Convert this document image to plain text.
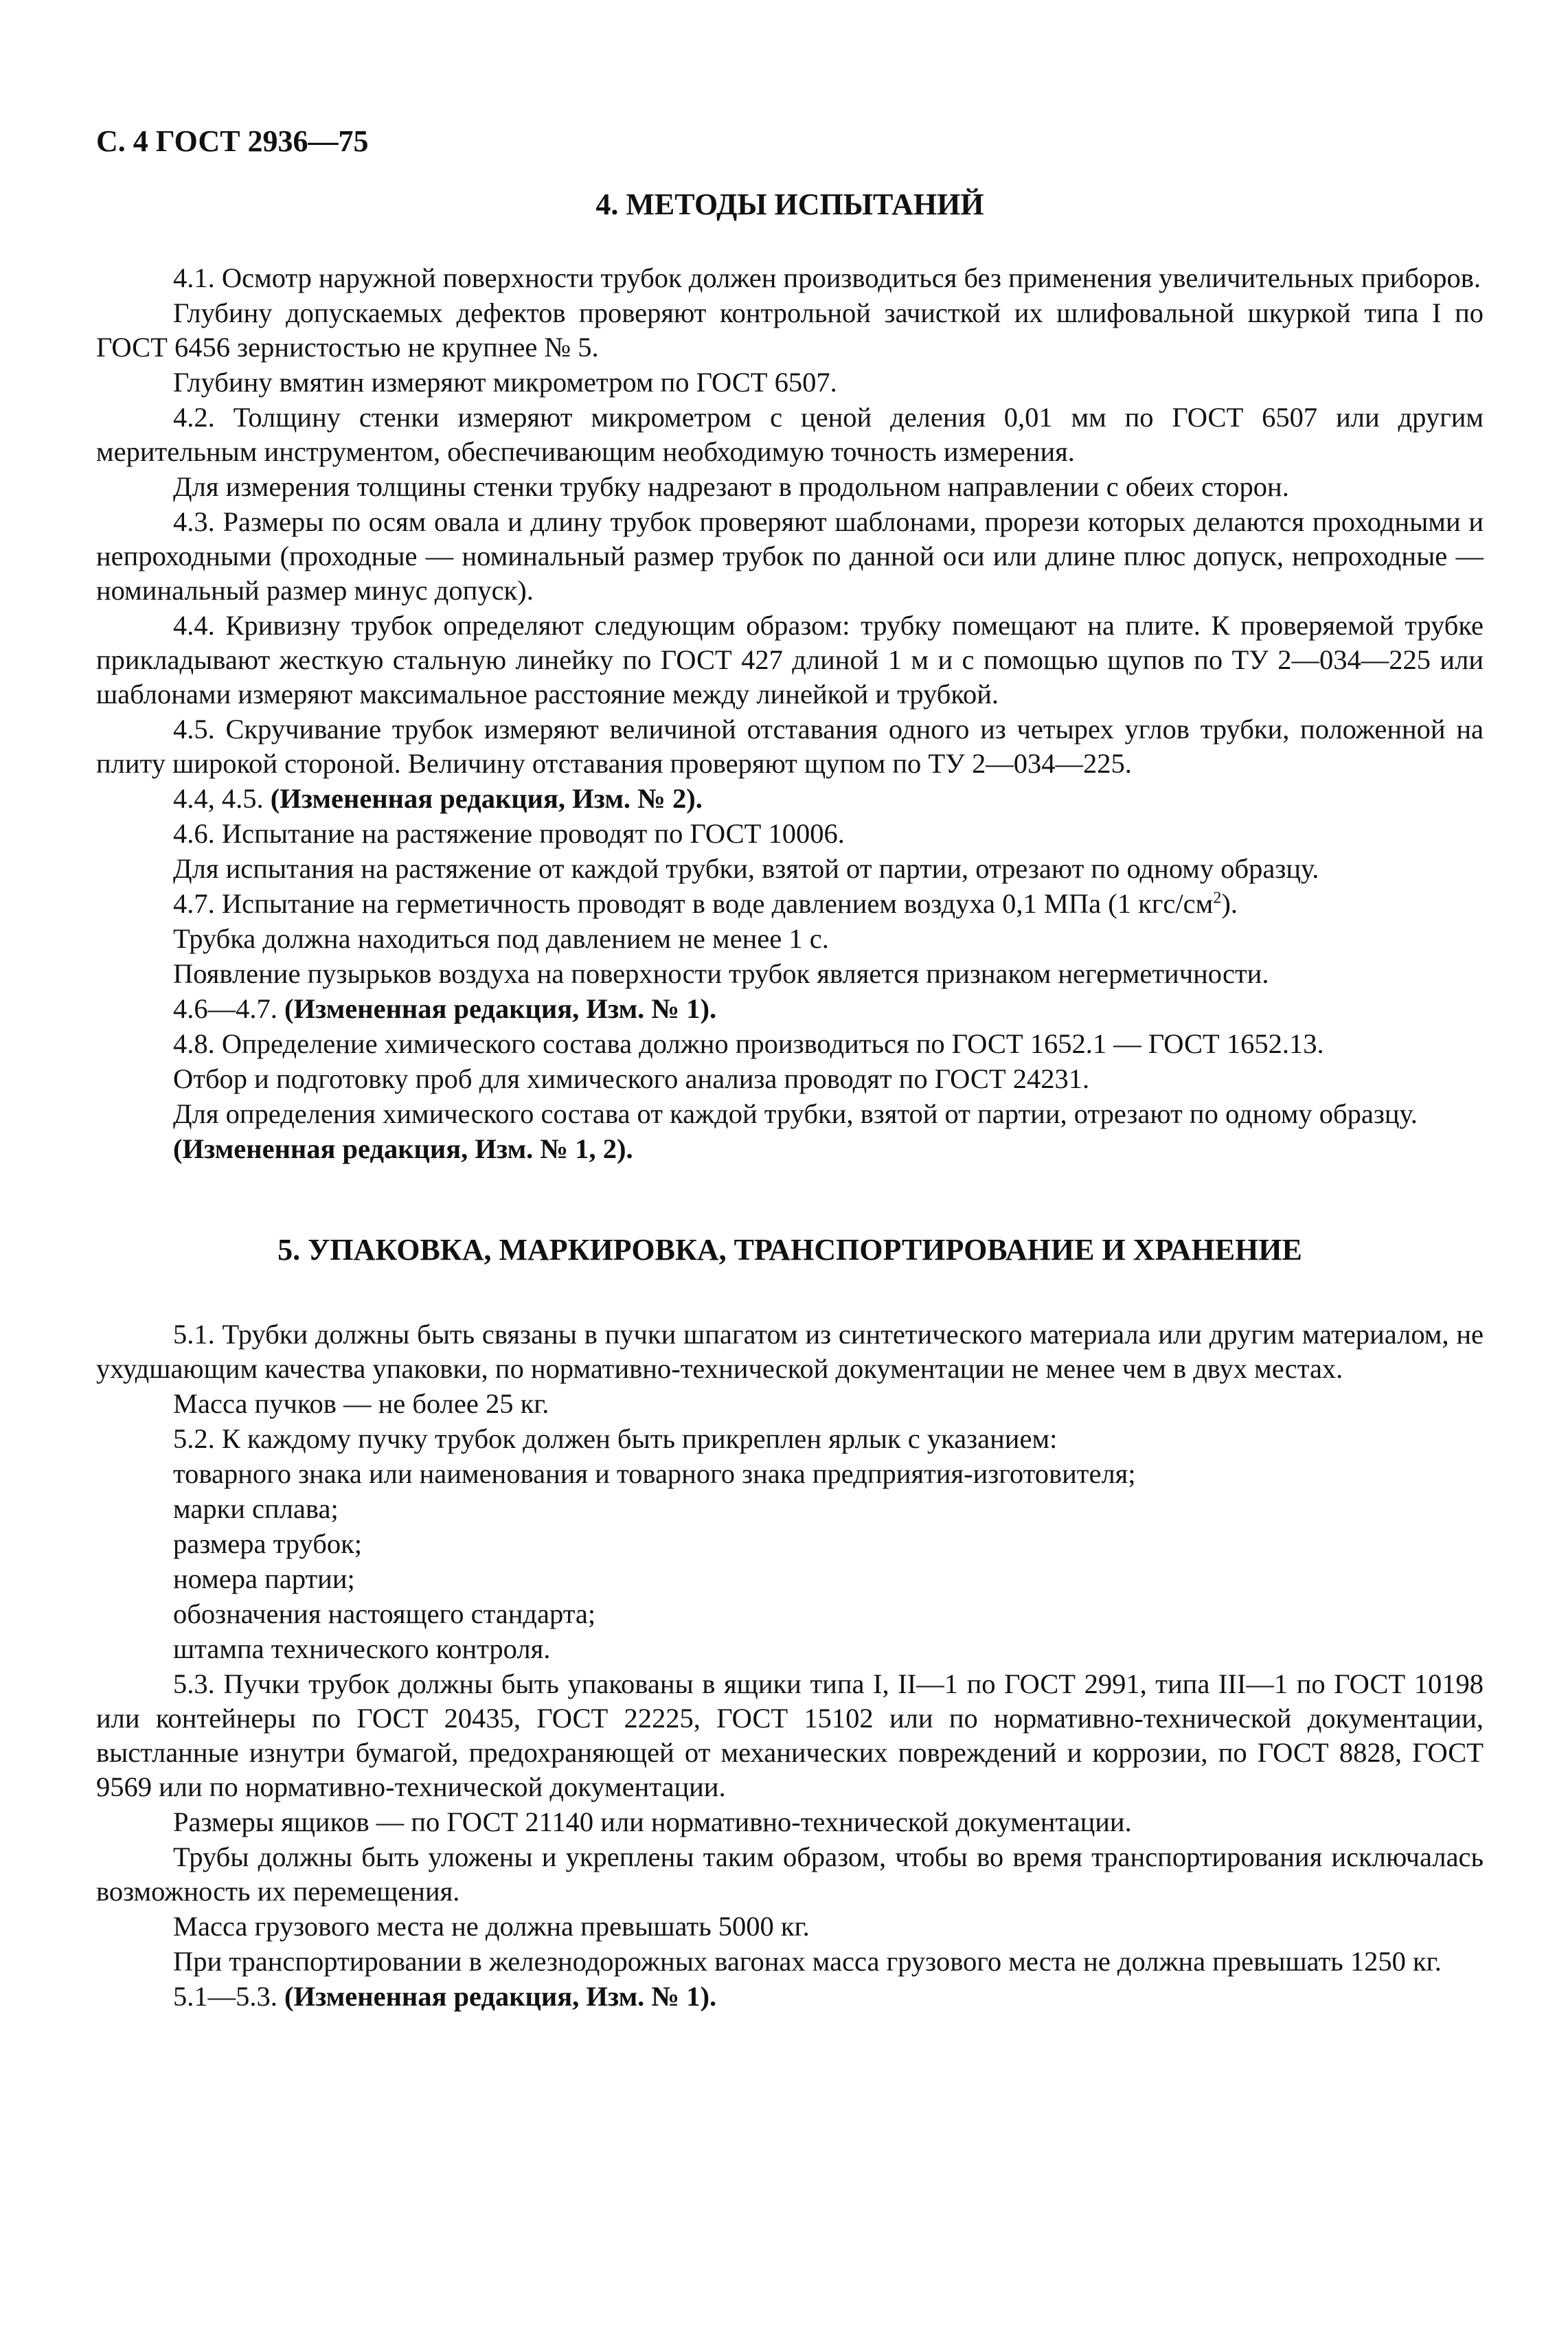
С. 4 ГОСТ 2936—75
4. МЕТОДЫ ИСПЫТАНИЙ

4.1. Осмотр наружной поверхности трубок должен производиться без применения увеличительных приборов.

Глубину допускаемых дефектов проверяют контрольной зачисткой их шлифовальной шкуркой типа I по ГОСТ 6456 зернистостью не крупнее № 5.

Глубину вмятин измеряют микрометром по ГОСТ 6507.

4.2. Толщину стенки измеряют микрометром с ценой деления 0,01 мм по ГОСТ 6507 или другим мерительным инструментом, обеспечивающим необходимую точность измерения.

Для измерения толщины стенки трубку надрезают в продольном направлении с обеих сторон.

4.3. Размеры по осям овала и длину трубок проверяют шаблонами, прорези которых делаются проходными и непроходными (проходные — номинальный размер трубок по данной оси или длине плюс допуск, непроходные — номинальный размер минус допуск).

4.4. Кривизну трубок определяют следующим образом: трубку помещают на плите. К проверяемой трубке прикладывают жесткую стальную линейку по ГОСТ 427 длиной 1 м и с помощью щупов по ТУ 2—034—225 или шаблонами измеряют максимальное расстояние между линейкой и трубкой.

4.5. Скручивание трубок измеряют величиной отставания одного из четырех углов трубки, положенной на плиту широкой стороной. Величину отставания проверяют щупом по ТУ 2—034—225.

4.4, 4.5. (Измененная редакция, Изм. № 2).

4.6. Испытание на растяжение проводят по ГОСТ 10006.

Для испытания на растяжение от каждой трубки, взятой от партии, отрезают по одному образцу.

4.7. Испытание на герметичность проводят в воде давлением воздуха 0,1 МПа (1 кгс/$см^2$).

Трубка должна находиться под давлением не менее 1 с.

Появление пузырьков воздуха на поверхности трубок является признаком негерметичности.

4.6—4.7. (Измененная редакция, Изм. № 1).

4.8. Определение химического состава должно производиться по ГОСТ 1652.1 — ГОСТ 1652.13.

Отбор и подготовку проб для химического анализа проводят по ГОСТ 24231.

Для определения химического состава от каждой трубки, взятой от партии, отрезают по одному образцу.

(Измененная редакция, Изм. № 1, 2).

5. УПАКОВКА, МАРКИРОВКА, ТРАНСПОРТИРОВАНИЕ И ХРАНЕНИЕ

5.1. Трубки должны быть связаны в пучки шпагатом из синтетического материала или другим материалом, не ухудшающим качества упаковки, по нормативно-технической документации не менее чем в двух местах.

Масса пучков — не более 25 кг.

5.2. К каждому пучку трубок должен быть прикреплен ярлык с указанием:

товарного знака или наименования и товарного знака предприятия-изготовителя;

марки сплава;

размера трубок;

номера партии;

обозначения настоящего стандарта;

штампа технического контроля.

5.3. Пучки трубок должны быть упакованы в ящики типа I, II—1 по ГОСТ 2991, типа III—1 по ГОСТ 10198 или контейнеры по ГОСТ 20435, ГОСТ 22225, ГОСТ 15102 или по нормативно-технической документации, выстланные изнутри бумагой, предохраняющей от механических повреждений и коррозии, по ГОСТ 8828, ГОСТ 9569 или по нормативно-технической документации.

Размеры ящиков — по ГОСТ 21140 или нормативно-технической документации.

Трубы должны быть уложены и укреплены таким образом, чтобы во время транспортирования исключалась возможность их перемещения.

Масса грузового места не должна превышать 5000 кг.

При транспортировании в железнодорожных вагонах масса грузового места не должна превышать 1250 кг.

5.1—5.3. (Измененная редакция, Изм. № 1).
